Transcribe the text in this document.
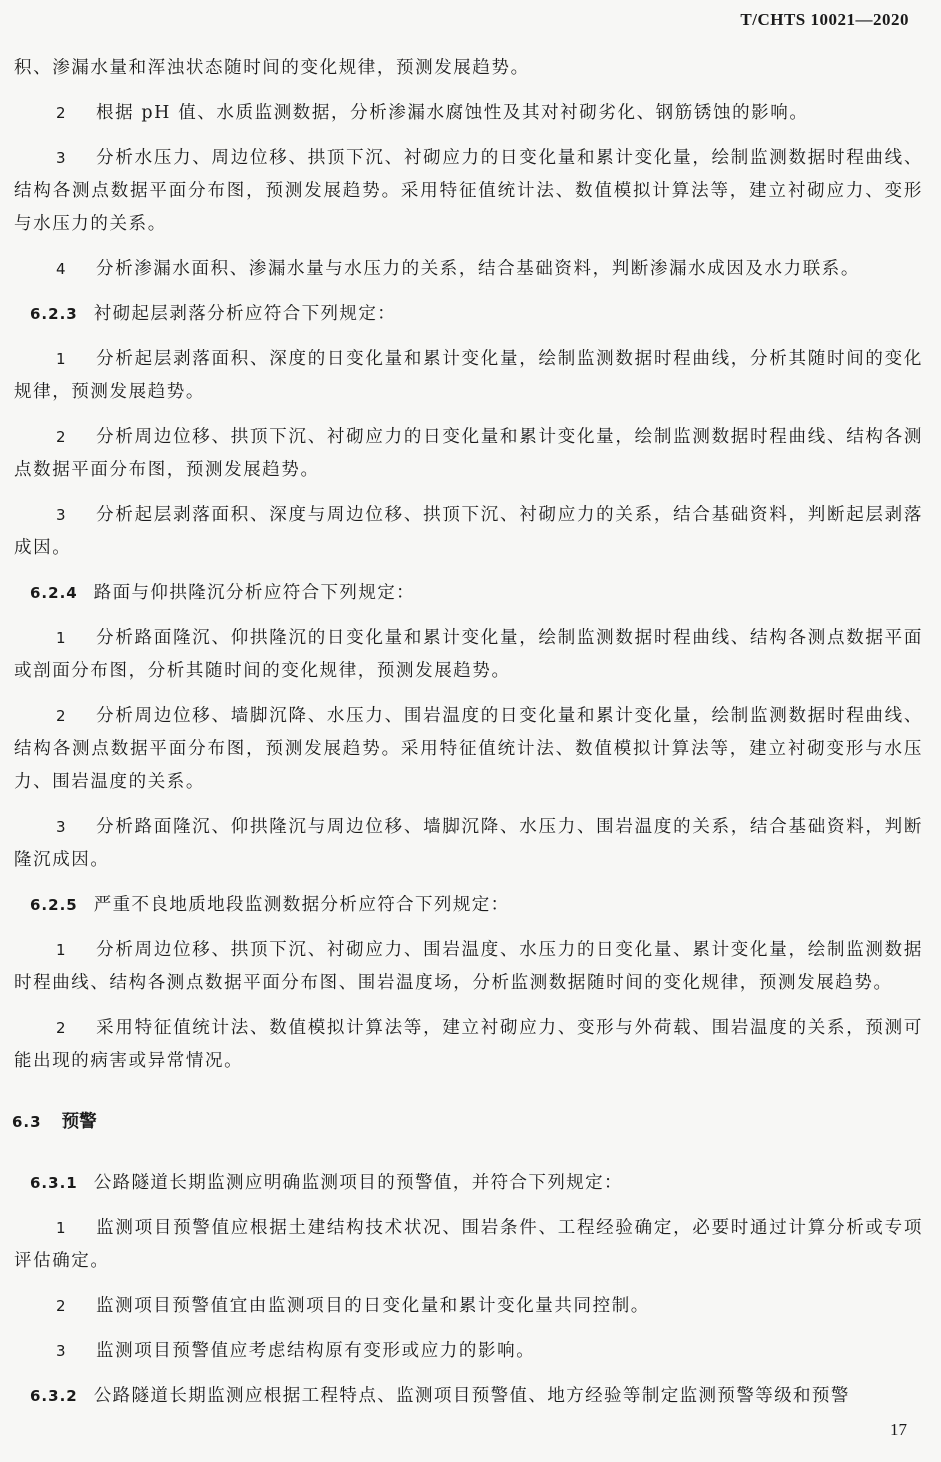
T/CHTS 10021—2020

积、渗漏水量和浑浊状态随时间的变化规律，预测发展趋势。

2 根据 pH 值、水质监测数据，分析渗漏水腐蚀性及其对衬砌劣化、钢筋锈蚀的影响。

3 分析水压力、周边位移、拱顶下沉、衬砌应力的日变化量和累计变化量，绘制监测数据时程曲线、结构各测点数据平面分布图，预测发展趋势。采用特征值统计法、数值模拟计算法等，建立衬砌应力、变形与水压力的关系。

4 分析渗漏水面积、渗漏水量与水压力的关系，结合基础资料，判断渗漏水成因及水力联系。

6.2.3 衬砌起层剥落分析应符合下列规定：

1 分析起层剥落面积、深度的日变化量和累计变化量，绘制监测数据时程曲线，分析其随时间的变化规律，预测发展趋势。

2 分析周边位移、拱顶下沉、衬砌应力的日变化量和累计变化量，绘制监测数据时程曲线、结构各测点数据平面分布图，预测发展趋势。

3 分析起层剥落面积、深度与周边位移、拱顶下沉、衬砌应力的关系，结合基础资料，判断起层剥落成因。

6.2.4 路面与仰拱隆沉分析应符合下列规定：

1 分析路面隆沉、仰拱隆沉的日变化量和累计变化量，绘制监测数据时程曲线、结构各测点数据平面或剖面分布图，分析其随时间的变化规律，预测发展趋势。

2 分析周边位移、墙脚沉降、水压力、围岩温度的日变化量和累计变化量，绘制监测数据时程曲线、结构各测点数据平面分布图，预测发展趋势。采用特征值统计法、数值模拟计算法等，建立衬砌变形与水压力、围岩温度的关系。

3 分析路面隆沉、仰拱隆沉与周边位移、墙脚沉降、水压力、围岩温度的关系，结合基础资料，判断隆沉成因。

6.2.5 严重不良地质地段监测数据分析应符合下列规定：

1 分析周边位移、拱顶下沉、衬砌应力、围岩温度、水压力的日变化量、累计变化量，绘制监测数据时程曲线、结构各测点数据平面分布图、围岩温度场，分析监测数据随时间的变化规律，预测发展趋势。

2 采用特征值统计法、数值模拟计算法等，建立衬砌应力、变形与外荷载、围岩温度的关系，预测可能出现的病害或异常情况。

6.3 预警

6.3.1 公路隧道长期监测应明确监测项目的预警值，并符合下列规定：

1 监测项目预警值应根据土建结构技术状况、围岩条件、工程经验确定，必要时通过计算分析或专项评估确定。

2 监测项目预警值宜由监测项目的日变化量和累计变化量共同控制。

3 监测项目预警值应考虑结构原有变形或应力的影响。

6.3.2 公路隧道长期监测应根据工程特点、监测项目预警值、地方经验等制定监测预警等级和预警

17
